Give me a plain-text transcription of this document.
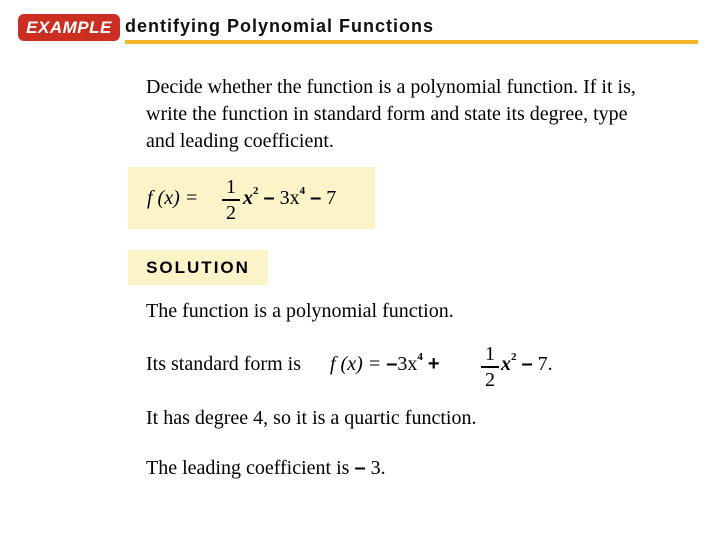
EXAMPLE dentifying Polynomial Functions
Decide whether the function is a polynomial function. If it is,
write the function in standard form and state its degree, type
and leading coefficient.
f (x) = 1
2
$x^2 - 3x^4 - 7$
SOLUTION
The function is a polynomial function.
Its standard form is f $(x) = -3x^4 + 1$
2
$x^2 - 7$.
It has degree 4, so it is a quartic function.
The leading coefficient is – 3.
